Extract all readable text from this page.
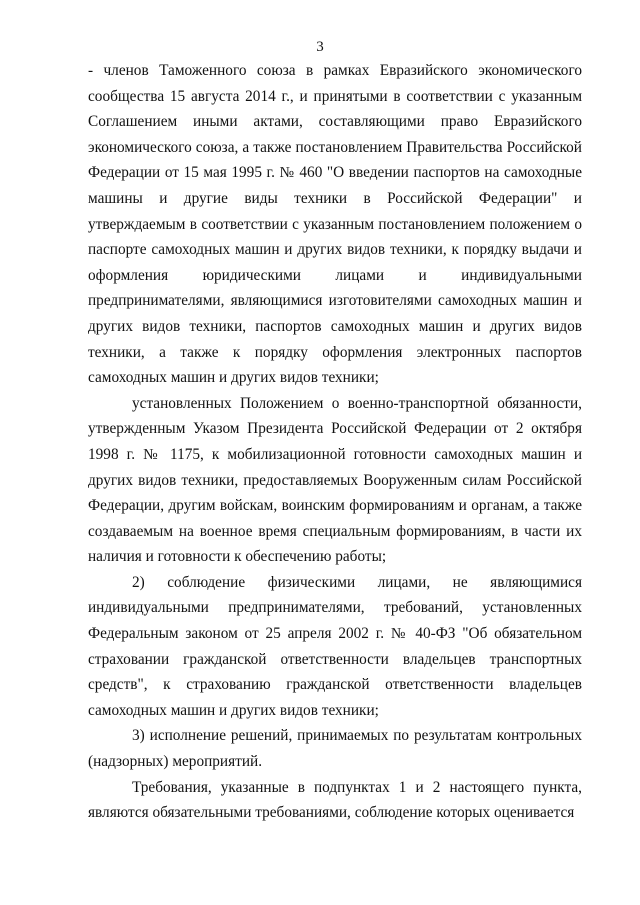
3

- членов Таможенного союза в рамках Евразийского экономического сообщества 15 августа 2014 г., и принятыми в соответствии с указанным Соглашением иными актами, составляющими право Евразийского экономического союза, а также постановлением Правительства Российской Федерации от 15 мая 1995 г. № 460 "О введении паспортов на самоходные машины и другие виды техники в Российской Федерации" и утверждаемым в соответствии с указанным постановлением положением о паспорте самоходных машин и других видов техники, к порядку выдачи и оформления юридическими лицами и индивидуальными предпринимателями, являющимися изготовителями самоходных машин и других видов техники, паспортов самоходных машин и других видов техники, а также к порядку оформления электронных паспортов самоходных машин и других видов техники;

установленных Положением о военно-транспортной обязанности, утвержденным Указом Президента Российской Федерации от 2 октября 1998 г. № 1175, к мобилизационной готовности самоходных машин и других видов техники, предоставляемых Вооруженным силам Российской Федерации, другим войскам, воинским формированиям и органам, а также создаваемым на военное время специальным формированиям, в части их наличия и готовности к обеспечению работы;

2) соблюдение физическими лицами, не являющимися индивидуальными предпринимателями, требований, установленных Федеральным законом от 25 апреля 2002 г. № 40-ФЗ "Об обязательном страховании гражданской ответственности владельцев транспортных средств", к страхованию гражданской ответственности владельцев самоходных машин и других видов техники;

3) исполнение решений, принимаемых по результатам контрольных (надзорных) мероприятий.

Требования, указанные в подпунктах 1 и 2 настоящего пункта, являются обязательными требованиями, соблюдение которых оценивается
